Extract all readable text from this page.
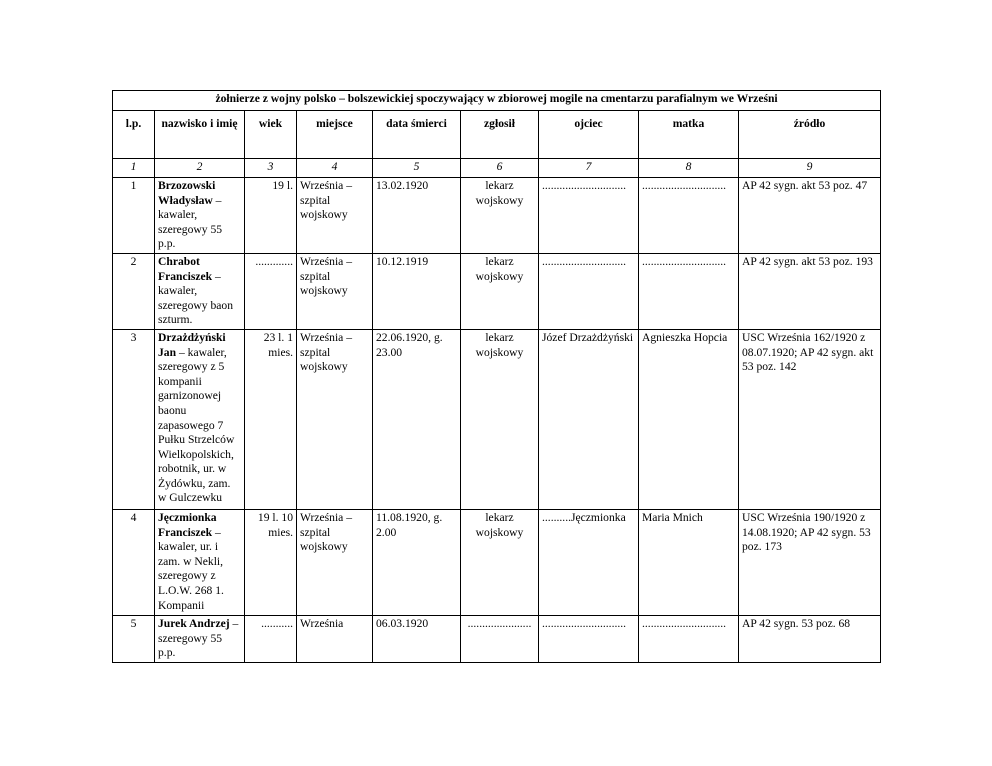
żołnierze z wojny polsko – bolszewickiej spoczywający w zbiorowej mogile na cmentarzu parafialnym we Wrześni								
l.p.	nazwisko i imię	wiek	miejsce	data śmierci	zgłosił	ojciec	matka	źródło
1	2	3	4	5	6	7	8	9
1	Brzozowski Władysław – kawaler, szeregowy 55 p.p.	19 l.	Września – szpital wojskowy	13.02.1920	lekarz wojskowy	.............................	.............................	AP 42 sygn. akt 53 poz. 47
2	Chrabot Franciszek – kawaler, szeregowy baon szturm.	.............	Września – szpital wojskowy	10.12.1919	lekarz wojskowy	.............................	.............................	AP 42 sygn. akt 53 poz. 193
3	Drzażdżyński Jan – kawaler, szeregowy z 5 kompanii garnizonowej baonu zapasowego 7 Pułku Strzelców Wielkopolskich, robotnik, ur. w Żydówku, zam. w Gulczewku	23 l. 1 mies.	Września – szpital wojskowy	22.06.1920, g. 23.00	lekarz wojskowy	Józef Drzażdżyński	Agnieszka Hopcia	USC Września 162/1920 z 08.07.1920; AP 42 sygn. akt 53 poz. 142
4	Jęczmionka Franciszek – kawaler, ur. i zam. w Nekli, szeregowy z L.O.W. 268 1. Kompanii	19 l. 10 mies.	Września – szpital wojskowy	11.08.1920, g. 2.00	lekarz wojskowy	..........Jęczmionka	Maria Mnich	USC Września 190/1920 z 14.08.1920; AP 42 sygn. 53 poz. 173
5	Jurek Andrzej – szeregowy 55 p.p.	...........	Września	06.03.1920	......................	.............................	.............................	AP 42 sygn. 53 poz. 68
